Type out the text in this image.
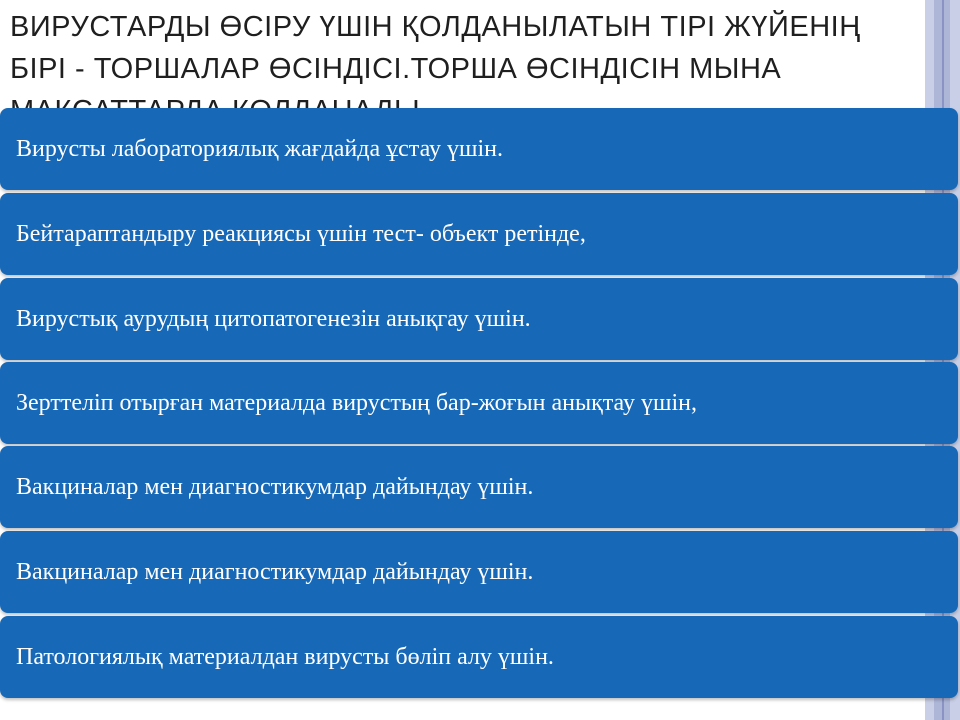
ВИРУСТАРДЫ ӨСІРУ ҮШІН ҚОЛДАНЫЛАТЫН ТІРІ ЖҮЙЕНІҢ БІРІ - ТОРШАЛАР ӨСІНДІСІ.ТОРША ӨСІНДІСІН МЫНА
Вирусты лабораториялық жағдайда ұстау үшін.
Бейтараптандыру реакциясы үшін тест- объект ретінде,
Вирустық аурудың цитопатогенезін анықгау үшін.
Зерттеліп отырған материалда вирустың бар-жоғын анықтау үшін,
Вакциналар мен диагностикумдар дайындау үшін.
Вакциналар мен диагностикумдар дайындау үшін.
Патологиялық материалдан вирусты бөліп алу үшін.
